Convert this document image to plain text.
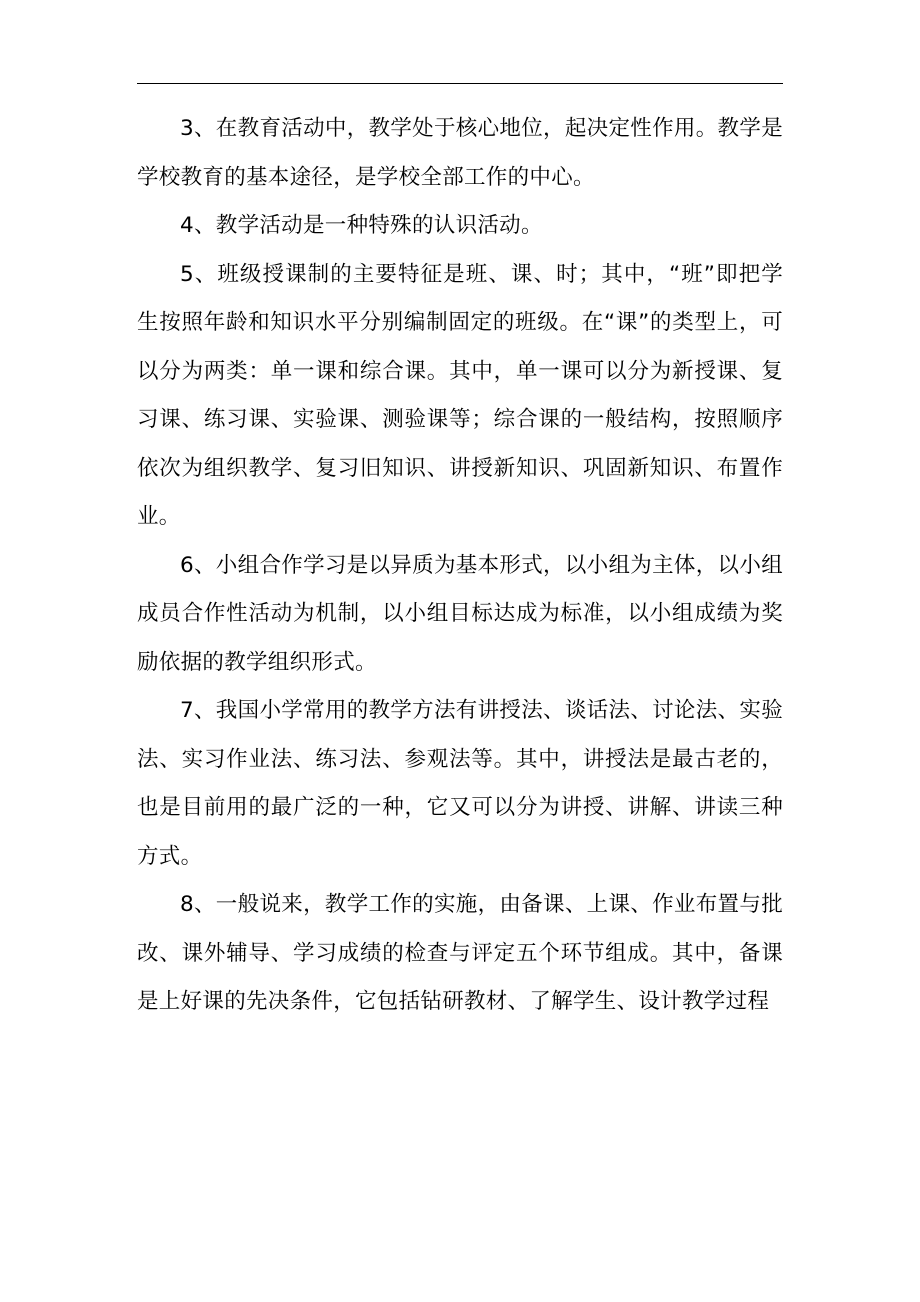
3、在教育活动中，教学处于核心地位，起决定性作用。教学是学校教育的基本途径，是学校全部工作的中心。

4、教学活动是一种特殊的认识活动。

5、班级授课制的主要特征是班、课、时；其中，“班”即把学生按照年龄和知识水平分别编制固定的班级。在“课”的类型上，可以分为两类：单一课和综合课。其中，单一课可以分为新授课、复习课、练习课、实验课、测验课等；综合课的一般结构，按照顺序依次为组织教学、复习旧知识、讲授新知识、巩固新知识、布置作业。

6、小组合作学习是以异质为基本形式，以小组为主体，以小组成员合作性活动为机制，以小组目标达成为标准，以小组成绩为奖励依据的教学组织形式。

7、我国小学常用的教学方法有讲授法、谈话法、讨论法、实验法、实习作业法、练习法、参观法等。其中，讲授法是最古老的，也是目前用的最广泛的一种，它又可以分为讲授、讲解、讲读三种方式。

8、一般说来，教学工作的实施，由备课、上课、作业布置与批改、课外辅导、学习成绩的检查与评定五个环节组成。其中，备课是上好课的先决条件，它包括钻研教材、了解学生、设计教学过程
